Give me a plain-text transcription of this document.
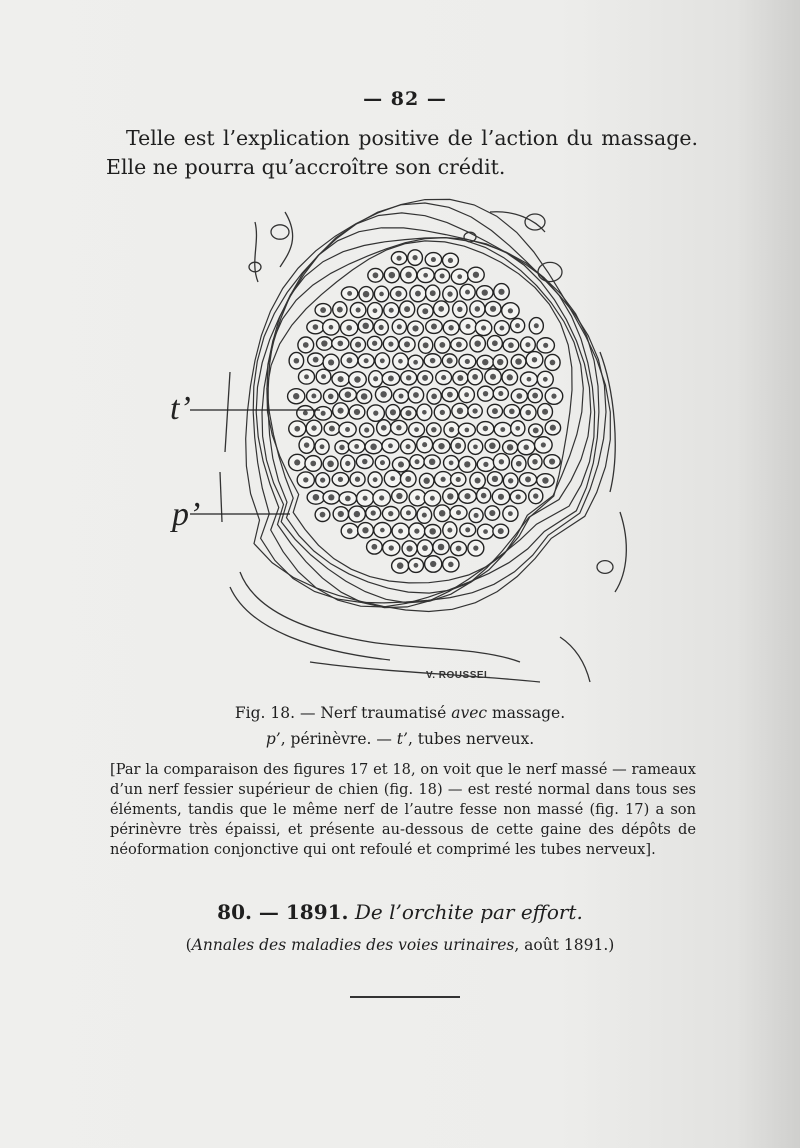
— 82 —

Telle est l’explication positive de l’action du massage. Elle ne pourra qu’accroître son crédit.

t’
p’
V. ROUSSEL
Fig. 18. — Nerf traumatisé avec massage.
p’, périnèvre. — t’, tubes nerveux.

[Par la comparaison des figures 17 et 18, on voit que le nerf massé — rameaux d’un nerf fessier supérieur de chien (fig. 18) — est resté normal dans tous ses éléments, tandis que le même nerf de l’autre fesse non massé (fig. 17) a son périnèvre très épaissi, et présente au-dessous de cette gaine des dépôts de néoformation conjonctive qui ont refoulé et comprimé les tubes nerveux].

80. — 1891. De l’orchite par effort.
(Annales des maladies des voies urinaires, août 1891.)
